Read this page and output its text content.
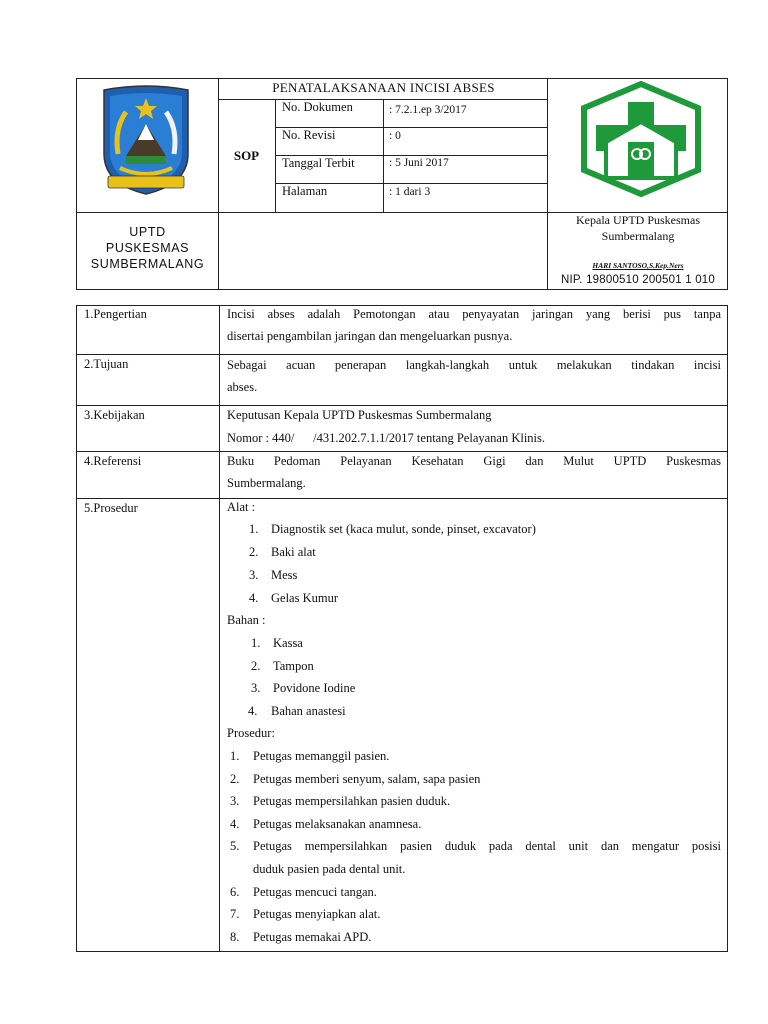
PENATALAKSANAAN INCISI ABSES
SOP
No. Dokumen	: 7.2.1.ep 3/2017
No. Revisi	: 0
Tanggal Terbit	: 5 Juni 2017
Halaman	: 1 dari 3
UPTD
PUSKESMAS
SUMBERMALANG
Kepala UPTD Puskesmas
Sumbermalang
HARI SANTOSO,S.Kep.Ners
NIP. 19800510 200501 1 010
1.Pengertian	Incisi abses adalah Pemotongan atau penyayatan jaringan yang berisi pus tanpa
disertai pengambilan jaringan dan mengeluarkan pusnya.
2.Tujuan	Sebagai acuan penerapan langkah-langkah untuk melakukan tindakan incisi
abses.
3.Kebijakan	Keputusan Kepala UPTD Puskesmas Sumbermalang
Nomor : 440/      /431.202.7.1.1/2017 tentang Pelayanan Klinis.
4.Referensi	Buku Pedoman Pelayanan Kesehatan Gigi dan Mulut UPTD Puskesmas
Sumbermalang.
5.Prosedur	Alat :
1. Diagnostik set (kaca mulut, sonde, pinset, excavator)
2. Baki alat
3. Mess
4. Gelas Kumur
Bahan :
1. Kassa
2. Tampon
3. Povidone Iodine
4. Bahan anastesi
Prosedur:
1. Petugas memanggil pasien.
2. Petugas memberi senyum, salam, sapa pasien
3. Petugas mempersilahkan pasien duduk.
4. Petugas melaksanakan anamnesa.
5. Petugas mempersilahkan pasien duduk pada dental unit dan mengatur posisi
duduk pasien pada dental unit.
6. Petugas mencuci tangan.
7. Petugas menyiapkan alat.
8. Petugas memakai APD.
